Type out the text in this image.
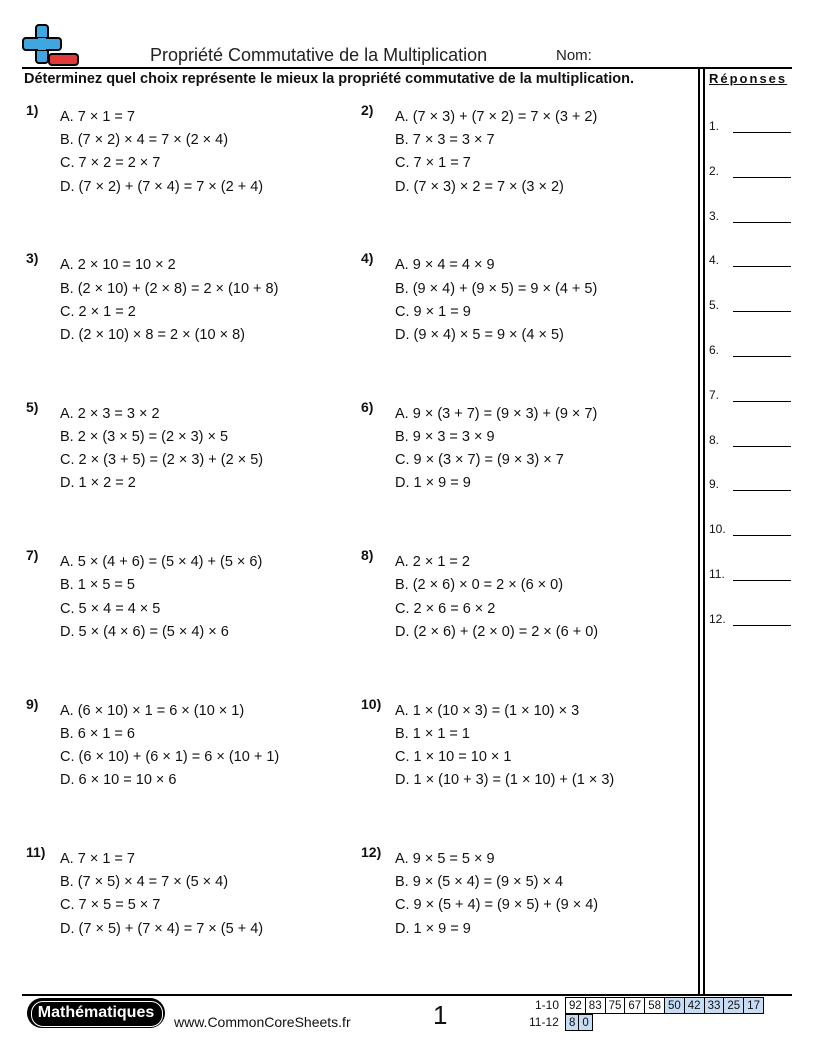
Propriété Commutative de la Multiplication	Nom:
Déterminez quel choix représente le mieux la propriété commutative de la multiplication.	Réponses
1.
2.
3.
4.
5.
6.
7.
8.
9.
10.
11.
12.
1) A. 7 × 1 = 7
B. (7 × 2) × 4 = 7 × (2 × 4)
C. 7 × 2 = 2 × 7
D. (7 × 2) + (7 × 4) = 7 × (2 + 4)
2) A. (7 × 3) + (7 × 2) = 7 × (3 + 2)
B. 7 × 3 = 3 × 7
C. 7 × 1 = 7
D. (7 × 3) × 2 = 7 × (3 × 2)
3) A. 2 × 10 = 10 × 2
B. (2 × 10) + (2 × 8) = 2 × (10 + 8)
C. 2 × 1 = 2
D. (2 × 10) × 8 = 2 × (10 × 8)
4) A. 9 × 4 = 4 × 9
B. (9 × 4) + (9 × 5) = 9 × (4 + 5)
C. 9 × 1 = 9
D. (9 × 4) × 5 = 9 × (4 × 5)
5) A. 2 × 3 = 3 × 2
B. 2 × (3 × 5) = (2 × 3) × 5
C. 2 × (3 + 5) = (2 × 3) + (2 × 5)
D. 1 × 2 = 2
6) A. 9 × (3 + 7) = (9 × 3) + (9 × 7)
B. 9 × 3 = 3 × 9
C. 9 × (3 × 7) = (9 × 3) × 7
D. 1 × 9 = 9
7) A. 5 × (4 + 6) = (5 × 4) + (5 × 6)
B. 1 × 5 = 5
C. 5 × 4 = 4 × 5
D. 5 × (4 × 6) = (5 × 4) × 6
8) A. 2 × 1 = 2
B. (2 × 6) × 0 = 2 × (6 × 0)
C. 2 × 6 = 6 × 2
D. (2 × 6) + (2 × 0) = 2 × (6 + 0)
9) A. (6 × 10) × 1 = 6 × (10 × 1)
B. 6 × 1 = 6
C. (6 × 10) + (6 × 1) = 6 × (10 + 1)
D. 6 × 10 = 10 × 6
10) A. 1 × (10 × 3) = (1 × 10) × 3
B. 1 × 1 = 1
C. 1 × 10 = 10 × 1
D. 1 × (10 + 3) = (1 × 10) + (1 × 3)
11) A. 7 × 1 = 7
B. (7 × 5) × 4 = 7 × (5 × 4)
C. 7 × 5 = 5 × 7
D. (7 × 5) + (7 × 4) = 7 × (5 + 4)
12) A. 9 × 5 = 5 × 9
B. 9 × (5 × 4) = (9 × 5) × 4
C. 9 × (5 + 4) = (9 × 5) + (9 × 4)
D. 1 × 9 = 9
Mathématiques
www.CommonCoreSheets.fr	1	1-10 92	83	75	67	58	50	42	33	25	17
11-12 8	0
